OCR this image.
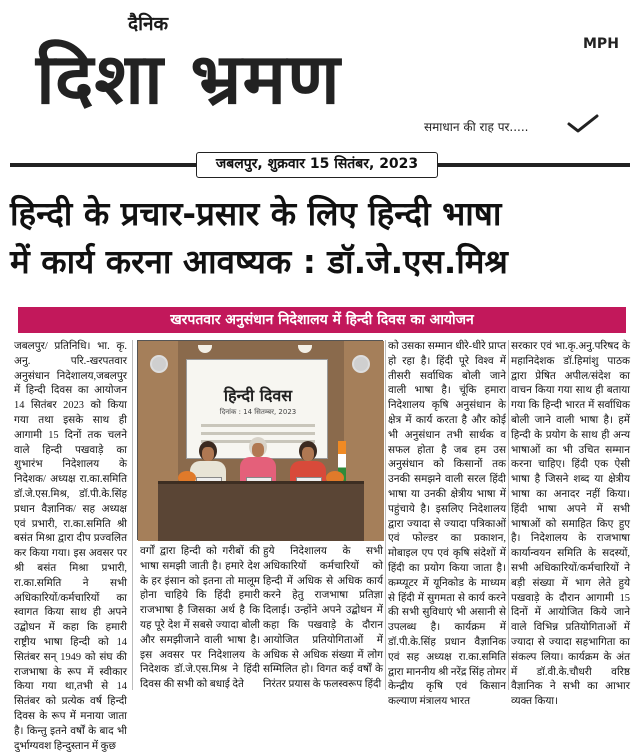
दैनिक
दिशा भ्रमण	MPH
समाधान की राह पर.....
जबलपुर, शुक्रवार 15 सितंबर, 2023
हिन्दी के प्रचार-प्रसार के लिए हिन्दी भाषा
में कार्य करना आवष्यक : डॉ.जे.एस.मिश्र
खरपतवार अनुसंधान निदेशालय में हिन्दी दिवस का आयोजन

जबलपुर/ प्रतिनिधि। भा. कृ. अनु. परि.-खरपतवार अनुसंधान निदेशालय,जबलपुर में हिन्दी दिवस का आयोजन 14 सितंबर 2023 को किया गया तथा इसके साथ ही आगामी 15 दिनों तक चलने वाले हिन्दी पखवाड़े का शुभारंभ निदेशालय के निदेशक/ अध्यक्ष रा.का.समिति डॉ.जे.एस.मिश्र, डॉ.पी.के.सिंह प्रधान वैज्ञानिक/ सह अध्यक्ष एवं प्रभारी, रा.का.समिति श्री बसंत मिश्रा द्वारा दीप प्रज्वलित कर किया गया। इस अवसर पर श्री बसंत मिश्रा प्रभारी, रा.का.समिति ने सभी अधिकारियों/कर्मचारियों का स्वागत किया साथ ही अपने उद्बोधन में कहा कि हमारी राष्ट्रीय भाषा हिन्दी को 14 सितंबर सन् 1949 को संघ की राजभाषा के रूप में स्वीकार किया गया था,तभी से 14 सितंबर को प्रत्येक वर्ष हिन्दी दिवस के रूप में मनाया जाता है। किन्तु इतने वर्षों के बाद भी दुर्भाग्यवश हिन्दुस्तान में कुछ

हिन्दी दिवस
दिनांक : 14 सितम्बर, 2023

वर्गों द्वारा हिन्दी को गरीबों की भाषा समझी जाती है। हमारे देश के हर इंसान को इतना तो मालूम होना चाहिये कि हिंदी हमारी राजभाषा है जिसका अर्थ है कि यह पूरे देश में सबसे ज्यादा बोली और समझीजाने वाली भाषा है। इस अवसर पर निदेशालय के निदेशक डॉ.जे.एस.मिश्र ने हिंदी दिवस की सभी को बधाई देते

हुये निदेशालय के सभी अधिकारियों कर्मचारियों को हिन्दी में अधिक से अधिक कार्य करने हेतु राजभाषा प्रतिज्ञा दिलाई। उन्होंने अपने उद्बोधन में कहा कि पखवाड़े के दौरान आयोजित प्रतियोगिताओं में अधिक से अधिक संख्या में लोग सम्मिलित हो। विगत कई वर्षों के निरंतर प्रयास के फलस्वरूप हिंदी

को उसका सम्मान धीरे-धीरे प्राप्त हो रहा है। हिंदी पूरे विश्व में तीसरी सर्वाधिक बोली जाने वाली भाषा है। चूंकि हमारा निदेशालय कृषि अनुसंधान के क्षेत्र में कार्य करता है और कोई भी अनुसंधान तभी सार्थक व सफल होता है जब हम उस अनुसंधान को किसानों तक उनकी समझने वाली सरल हिंदी भाषा या उनकी क्षेत्रीय भाषा में पहुंचाये है। इसलिए निदेशालय द्वारा ज्यादा से ज्यादा पत्रिकाओं एवं फोल्डर का प्रकाशन, मोबाइल एप एवं कृषि संदेशों में हिंदी का प्रयोग किया जाता है। कम्प्यूटर में यूनिकोड के माध्यम से हिंदी में सुगमता से कार्य करने की सभी सुविधाएं भी असानी से उपलब्ध है। कार्यक्रम में डॉ.पी.के.सिंह प्रधान वैज्ञानिक एवं सह अध्यक्ष रा.का.समिति द्वारा माननीय श्री नरेंद्र सिंह तोमर केन्द्रीय कृषि एवं किसान कल्याण मंत्रालय भारत

सरकार एवं भा.कृ.अनु.परिषद के महानिदेशक डॉ.हिमांशु पाठक द्वारा प्रेषित अपील/संदेश का वाचन किया गया साथ ही बताया गया कि हिन्दी भारत में सर्वाधिक बोली जाने वाली भाषा है। हमें हिन्दी के प्रयोग के साथ ही अन्य भाषाओं का भी उचित सम्मान करना चाहिए। हिंदी एक ऐसी भाषा है जिसने शब्द या क्षेत्रीय भाषा का अनादर नहीं किया। हिंदी भाषा अपने में सभी भाषाओं को समाहित किए हुए है। निदेशालय के राजभाषा कार्यान्वयन समिति के सदस्यों, सभी अधिकारियों/कर्मचारियों ने बड़ी संख्या में भाग लेते हुये पखवाड़े के दौरान आगामी 15 दिनों में आयोजित किये जाने वाले विभिन्न प्रतियोगिताओं में ज्यादा से ज्यादा सहभागिता का संकल्प लिया। कार्यक्रम के अंत में डॉ.वी.के.चौधरी वरिष्ठ वैज्ञानिक ने सभी का आभार व्यक्त किया।
